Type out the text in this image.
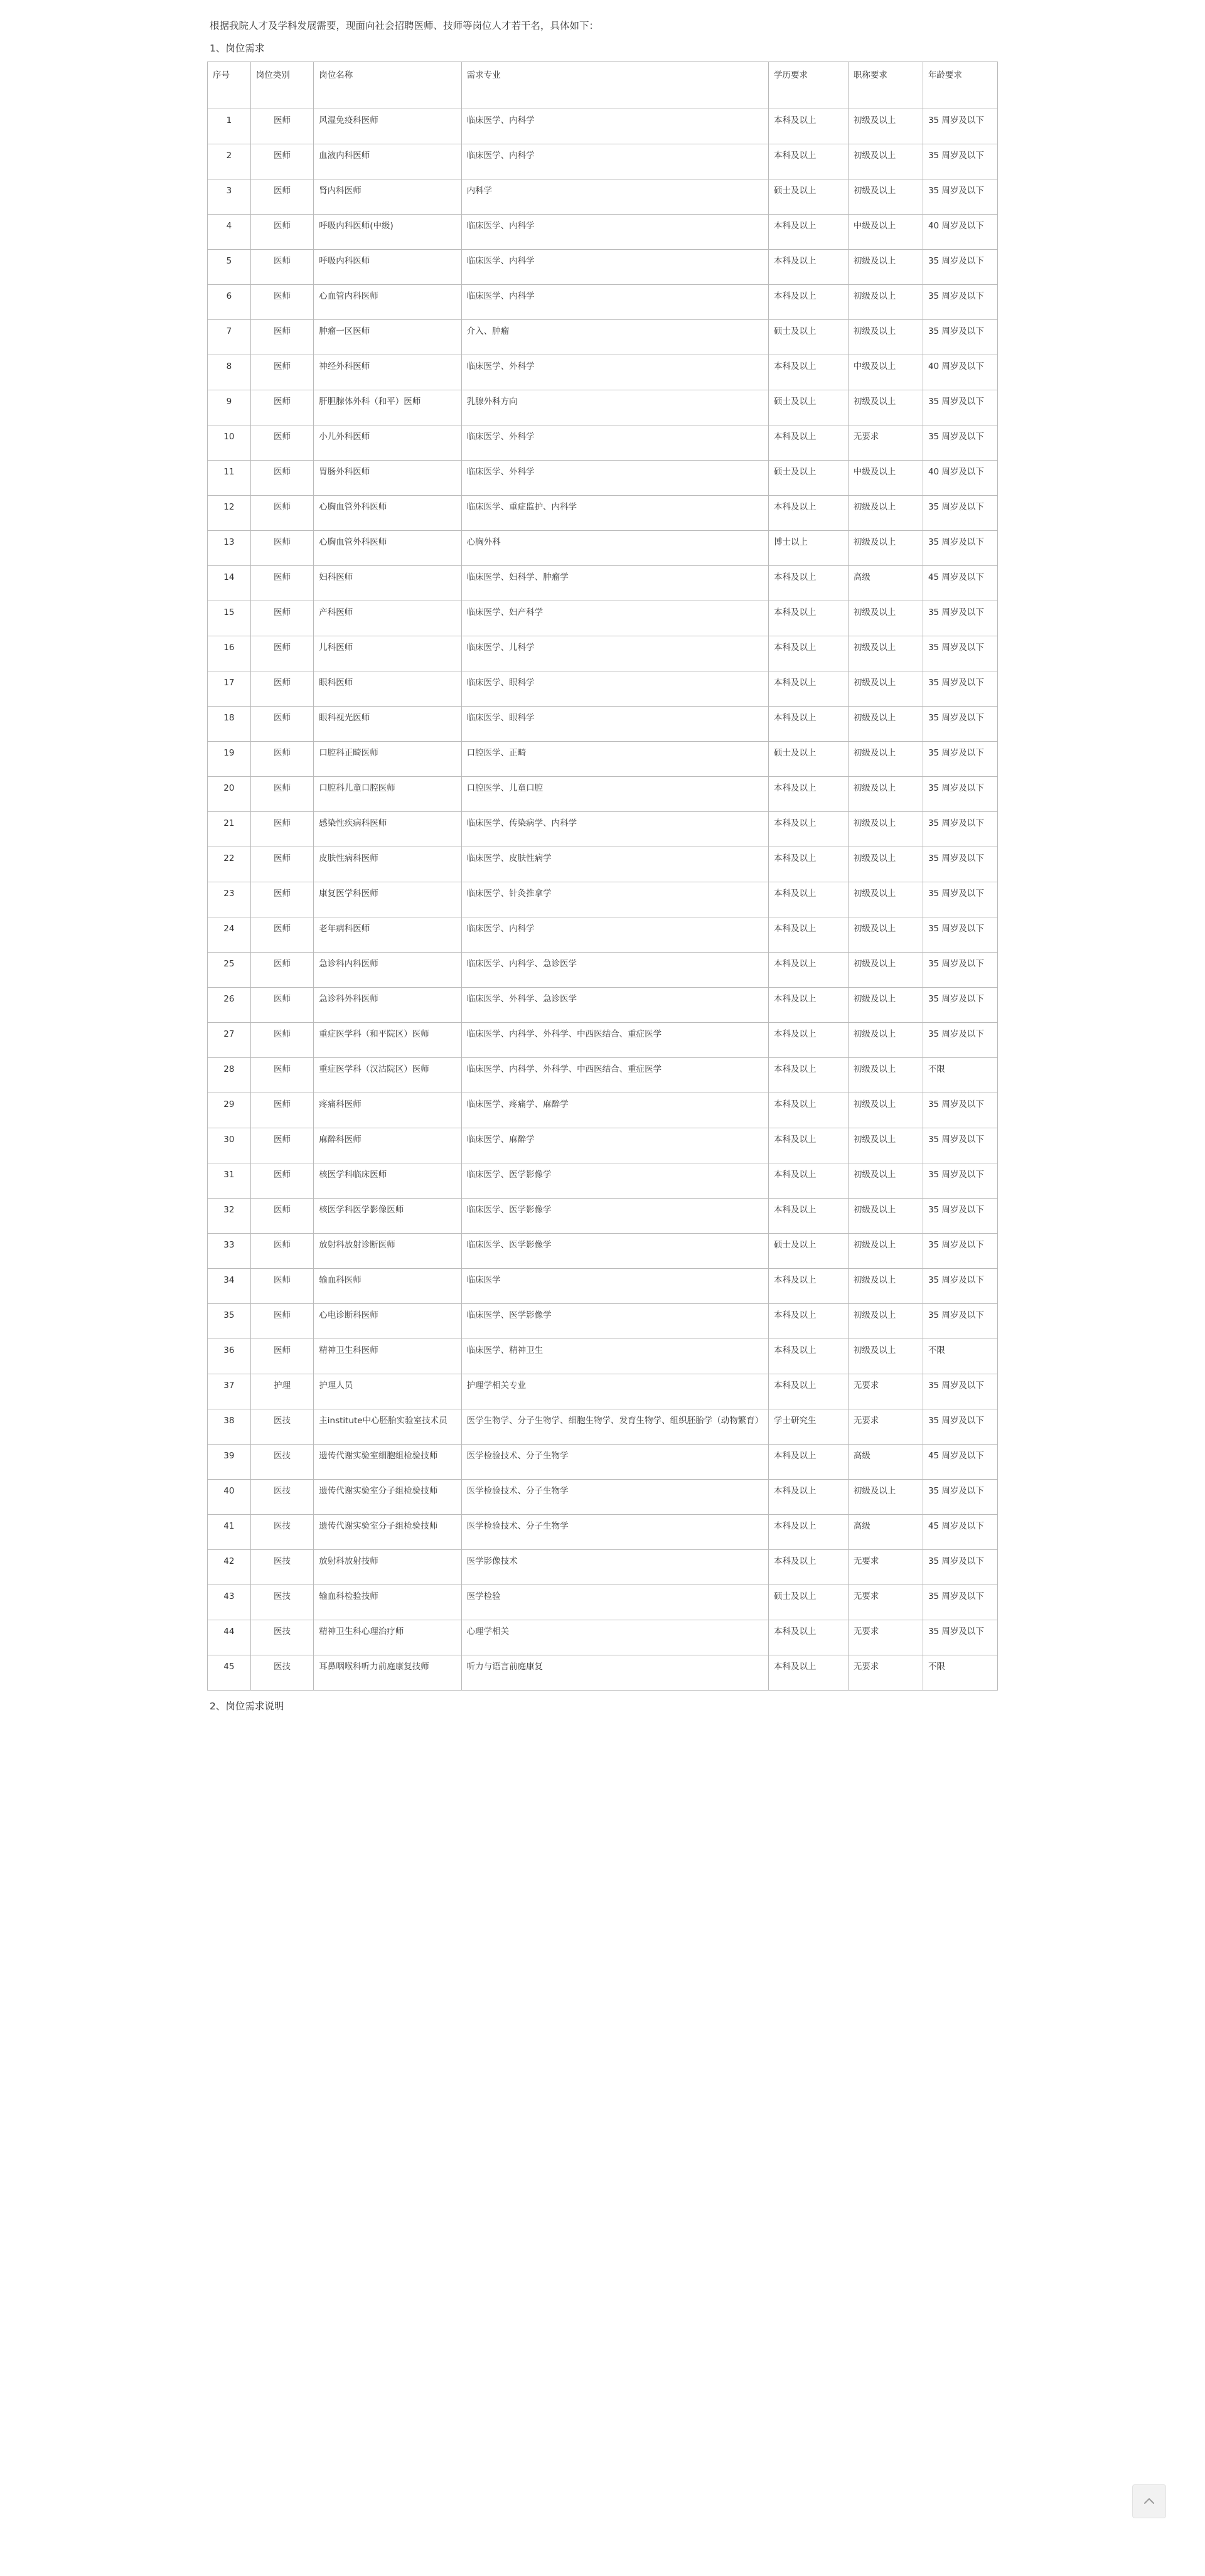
根据我院人才及学科发展需要，现面向社会招聘医师、技师等岗位人才若干名，具体如下：

1、岗位需求

序号	岗位类别	岗位名称	需求专业	学历要求	职称要求	年龄要求
1	医师	风湿免疫科医师	临床医学、内科学	本科及以上	初级及以上	35 周岁及以下
2	医师	血液内科医师	临床医学、内科学	本科及以上	初级及以上	35 周岁及以下
3	医师	肾内科医师	内科学	硕士及以上	初级及以上	35 周岁及以下
4	医师	呼吸内科医师(中级)	临床医学、内科学	本科及以上	中级及以上	40 周岁及以下
5	医师	呼吸内科医师	临床医学、内科学	本科及以上	初级及以上	35 周岁及以下
6	医师	心血管内科医师	临床医学、内科学	本科及以上	初级及以上	35 周岁及以下
7	医师	肿瘤一区医师	介入、肿瘤	硕士及以上	初级及以上	35 周岁及以下
8	医师	神经外科医师	临床医学、外科学	本科及以上	中级及以上	40 周岁及以下
9	医师	肝胆腺体外科（和平）医师	乳腺外科方向	硕士及以上	初级及以上	35 周岁及以下
10	医师	小儿外科医师	临床医学、外科学	本科及以上	无要求	35 周岁及以下
11	医师	胃肠外科医师	临床医学、外科学	硕士及以上	中级及以上	40 周岁及以下
12	医师	心胸血管外科医师	临床医学、重症监护、内科学	本科及以上	初级及以上	35 周岁及以下
13	医师	心胸血管外科医师	心胸外科	博士以上	初级及以上	35 周岁及以下
14	医师	妇科医师	临床医学、妇科学、肿瘤学	本科及以上	高级	45 周岁及以下
15	医师	产科医师	临床医学、妇产科学	本科及以上	初级及以上	35 周岁及以下
16	医师	儿科医师	临床医学、儿科学	本科及以上	初级及以上	35 周岁及以下
17	医师	眼科医师	临床医学、眼科学	本科及以上	初级及以上	35 周岁及以下
18	医师	眼科视光医师	临床医学、眼科学	本科及以上	初级及以上	35 周岁及以下
19	医师	口腔科正畸医师	口腔医学、正畸	硕士及以上	初级及以上	35 周岁及以下
20	医师	口腔科儿童口腔医师	口腔医学、儿童口腔	本科及以上	初级及以上	35 周岁及以下
21	医师	感染性疾病科医师	临床医学、传染病学、内科学	本科及以上	初级及以上	35 周岁及以下
22	医师	皮肤性病科医师	临床医学、皮肤性病学	本科及以上	初级及以上	35 周岁及以下
23	医师	康复医学科医师	临床医学、针灸推拿学	本科及以上	初级及以上	35 周岁及以下
24	医师	老年病科医师	临床医学、内科学	本科及以上	初级及以上	35 周岁及以下
25	医师	急诊科内科医师	临床医学、内科学、急诊医学	本科及以上	初级及以上	35 周岁及以下
26	医师	急诊科外科医师	临床医学、外科学、急诊医学	本科及以上	初级及以上	35 周岁及以下
27	医师	重症医学科（和平院区）医师	临床医学、内科学、外科学、中西医结合、重症医学	本科及以上	初级及以上	35 周岁及以下
28	医师	重症医学科（汉沽院区）医师	临床医学、内科学、外科学、中西医结合、重症医学	本科及以上	初级及以上	不限
29	医师	疼痛科医师	临床医学、疼痛学、麻醉学	本科及以上	初级及以上	35 周岁及以下
30	医师	麻醉科医师	临床医学、麻醉学	本科及以上	初级及以上	35 周岁及以下
31	医师	核医学科临床医师	临床医学、医学影像学	本科及以上	初级及以上	35 周岁及以下
32	医师	核医学科医学影像医师	临床医学、医学影像学	本科及以上	初级及以上	35 周岁及以下
33	医师	放射科放射诊断医师	临床医学、医学影像学	硕士及以上	初级及以上	35 周岁及以下
34	医师	输血科医师	临床医学	本科及以上	初级及以上	35 周岁及以下
35	医师	心电诊断科医师	临床医学、医学影像学	本科及以上	初级及以上	35 周岁及以下
36	医师	精神卫生科医师	临床医学、精神卫生	本科及以上	初级及以上	不限
37	护理	护理人员	护理学相关专业	本科及以上	无要求	35 周岁及以下
38	医技	主institute中心胚胎实验室技术员	医学生物学、分子生物学、细胞生物学、发育生物学、组织胚胎学（动物繁育）	学士研究生	无要求	35 周岁及以下
39	医技	遗传代谢实验室细胞组检验技师	医学检验技术、分子生物学	本科及以上	高级	45 周岁及以下
40	医技	遗传代谢实验室分子组检验技师	医学检验技术、分子生物学	本科及以上	初级及以上	35 周岁及以下
41	医技	遗传代谢实验室分子组检验技师	医学检验技术、分子生物学	本科及以上	高级	45 周岁及以下
42	医技	放射科放射技师	医学影像技术	本科及以上	无要求	35 周岁及以下
43	医技	输血科检验技师	医学检验	硕士及以上	无要求	35 周岁及以下
44	医技	精神卫生科心理治疗师	心理学相关	本科及以上	无要求	35 周岁及以下
45	医技	耳鼻咽喉科听力前庭康复技师	听力与语言前庭康复	本科及以上	无要求	不限

2、岗位需求说明
